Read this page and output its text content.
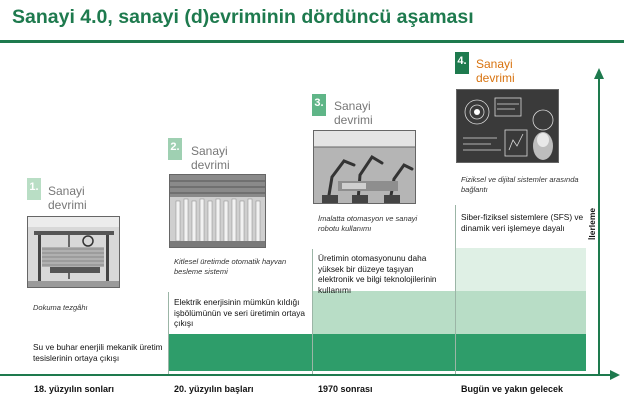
Sanayi 4.0, sanayi (d)evriminin dördüncü aşaması
1. Sanayi
devrimi
Dokuma tezgâhı
Su ve buhar enerjili mekanik üretim tesislerinin ortaya çıkışı
18. yüzyılın sonları
2. Sanayi
devrimi
Kitlesel üretimde otomatik hayvan besleme sistemi
Elektrik enerjisinin mümkün kıldığı işbölümünün ve seri üretimin ortaya çıkışı
20. yüzyılın başları
3. Sanayi
devrimi
İmalatta otomasyon ve sanayi robotu kullanımı
Üretimin otomasyonunu daha yüksek bir düzeye taşıyan elektronik ve bilgi teknolojilerinin kullanımı
1970 sonrası
4. Sanayi
devrimi
Fiziksel ve dijital sistemler arasında bağlantı
Siber-fiziksel sistemlere (SFS) ve dinamik veri işlemeye dayalı
Bugün ve yakın gelecek
İlerleme
